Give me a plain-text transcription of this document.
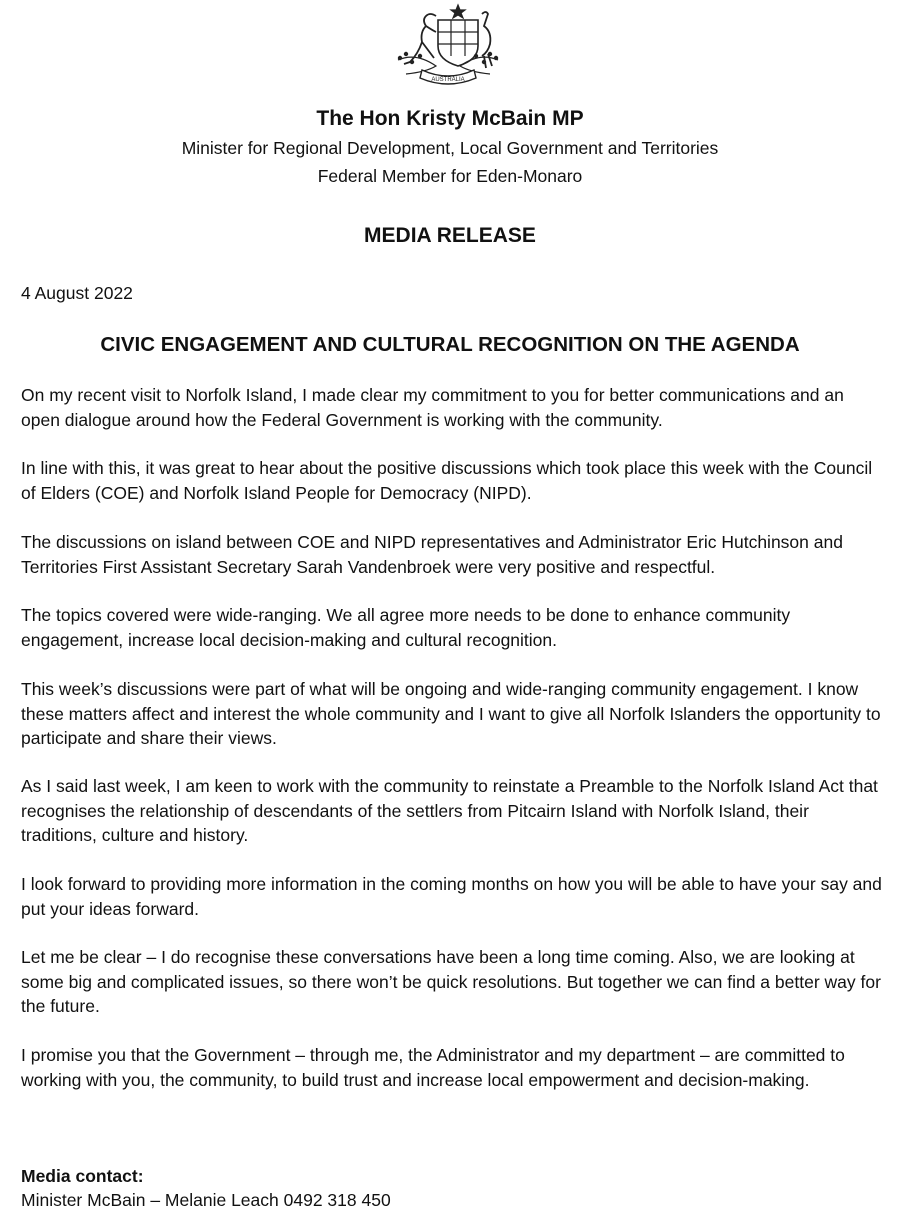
AUSTRALIA
The Hon Kristy McBain MP
Minister for Regional Development, Local Government and Territories
Federal Member for Eden-Monaro
MEDIA RELEASE
4 August 2022
CIVIC ENGAGEMENT AND CULTURAL RECOGNITION ON THE AGENDA

On my recent visit to Norfolk Island, I made clear my commitment to you for better communications and an open dialogue around how the Federal Government is working with the community.

In line with this, it was great to hear about the positive discussions which took place this week with the Council of Elders (COE) and Norfolk Island People for Democracy (NIPD).

The discussions on island between COE and NIPD representatives and Administrator Eric Hutchinson and Territories First Assistant Secretary Sarah Vandenbroek were very positive and respectful.

The topics covered were wide-ranging. We all agree more needs to be done to enhance community engagement, increase local decision-making and cultural recognition.

This week’s discussions were part of what will be ongoing and wide-ranging community engagement. I know these matters affect and interest the whole community and I want to give all Norfolk Islanders the opportunity to participate and share their views.

As I said last week, I am keen to work with the community to reinstate a Preamble to the Norfolk Island Act that recognises the relationship of descendants of the settlers from Pitcairn Island with Norfolk Island, their traditions, culture and history.

I look forward to providing more information in the coming months on how you will be able to have your say and put your ideas forward.

Let me be clear – I do recognise these conversations have been a long time coming. Also, we are looking at some big and complicated issues, so there won’t be quick resolutions. But together we can find a better way for the future.

I promise you that the Government – through me, the Administrator and my department – are committed to working with you, the community, to build trust and increase local empowerment and decision-making.

Media contact:
Minister McBain – Melanie Leach 0492 318 450
